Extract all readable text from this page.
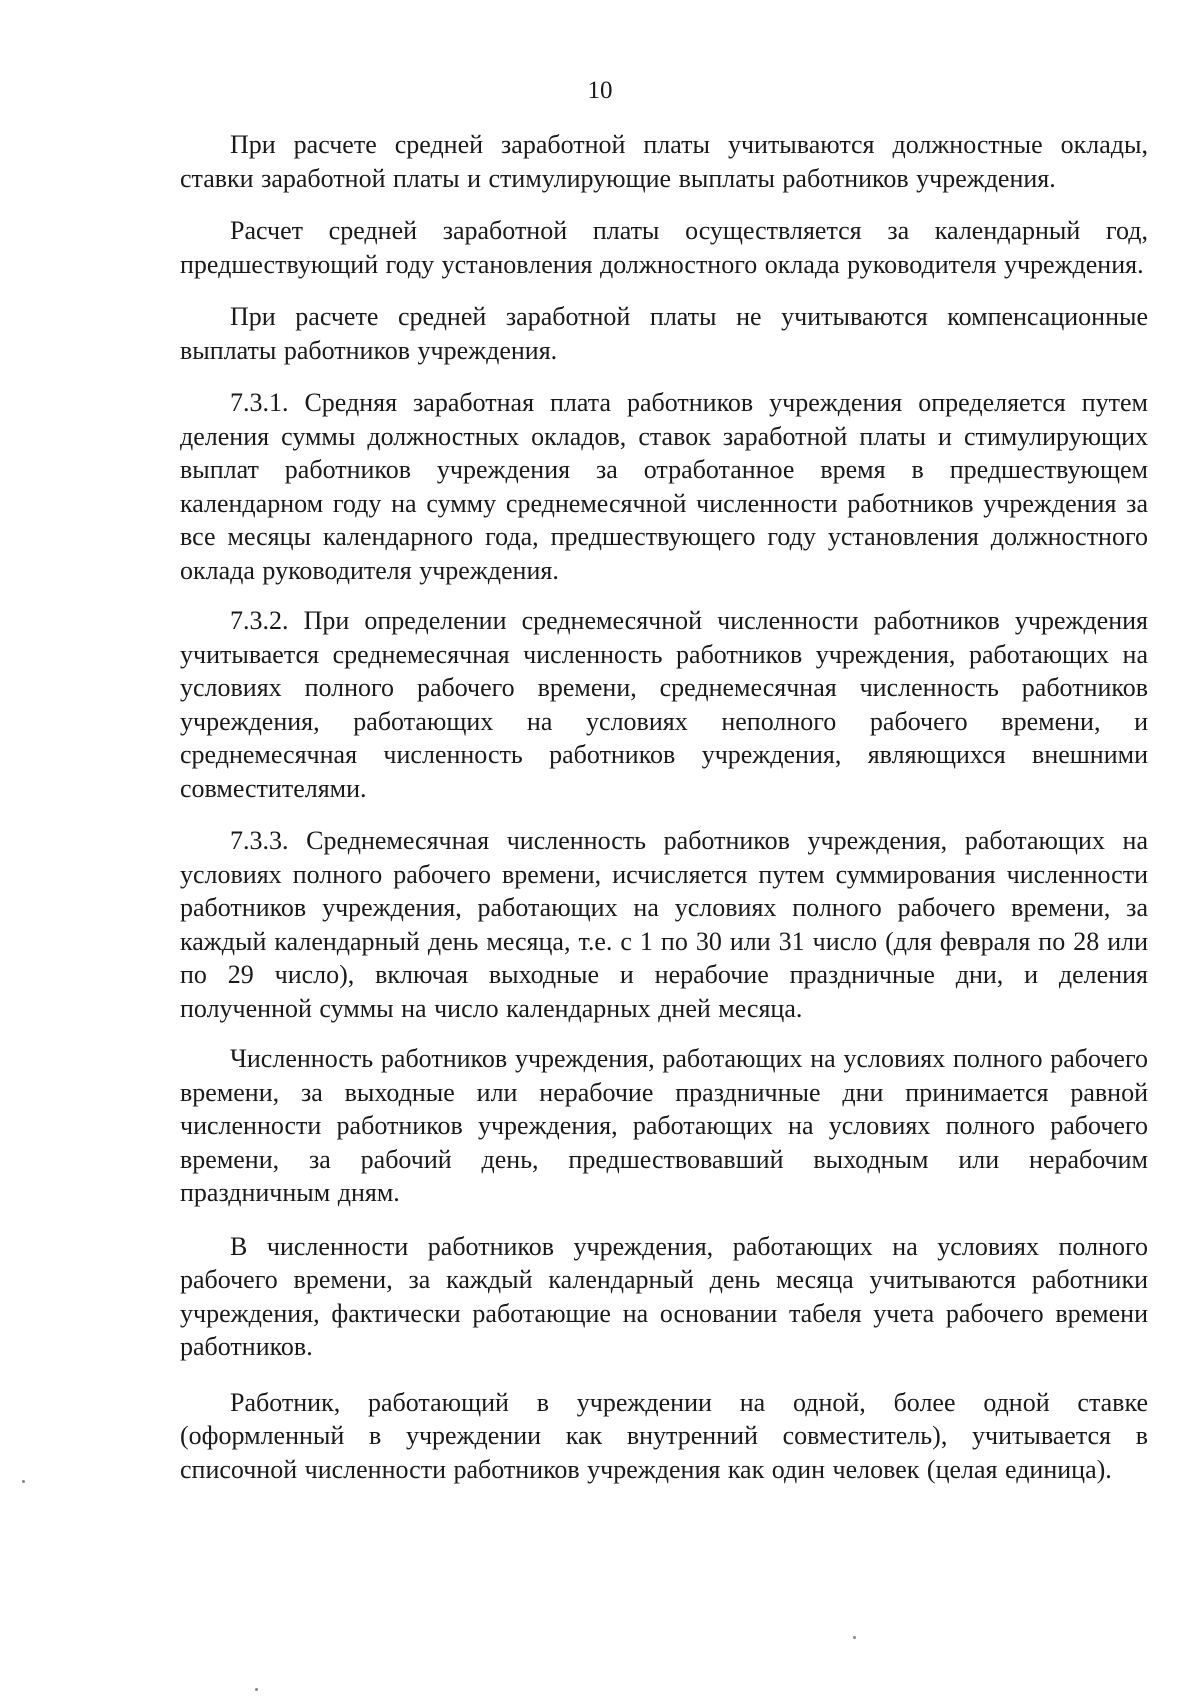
10

При расчете средней заработной платы учитываются должностные оклады, ставки заработной платы и стимулирующие выплаты работников учреждения.

Расчет средней заработной платы осуществляется за календарный год, предшествующий году установления должностного оклада руководителя учреждения.

При расчете средней заработной платы не учитываются компенсационные выплаты работников учреждения.

7.3.1. Средняя заработная плата работников учреждения определяется путем деления суммы должностных окладов, ставок заработной платы и стимулирующих выплат работников учреждения за отработанное время в предшествующем календарном году на сумму среднемесячной численности работников учреждения за все месяцы календарного года, предшествующего году установления должностного оклада руководителя учреждения.

7.3.2. При определении среднемесячной численности работников учреждения учитывается среднемесячная численность работников учреждения, работающих на условиях полного рабочего времени, среднемесячная численность работников учреждения, работающих на условиях неполного рабочего времени, и среднемесячная численность работников учреждения, являющихся внешними совместителями.

7.3.3. Среднемесячная численность работников учреждения, работающих на условиях полного рабочего времени, исчисляется путем суммирования численности работников учреждения, работающих на условиях полного рабочего времени, за каждый календарный день месяца, т.е. с 1 по 30 или 31 число (для февраля по 28 или по 29 число), включая выходные и нерабочие праздничные дни, и деления полученной суммы на число календарных дней месяца.

Численность работников учреждения, работающих на условиях полного рабочего времени, за выходные или нерабочие праздничные дни принимается равной численности работников учреждения, работающих на условиях полного рабочего времени, за рабочий день, предшествовавший выходным или нерабочим праздничным дням.

В численности работников учреждения, работающих на условиях полного рабочего времени, за каждый календарный день месяца учитываются работники учреждения, фактически работающие на основании табеля учета рабочего времени работников.

Работник, работающий в учреждении на одной, более одной ставке (оформленный в учреждении как внутренний совместитель), учитывается в списочной численности работников учреждения как один человек (целая единица).
